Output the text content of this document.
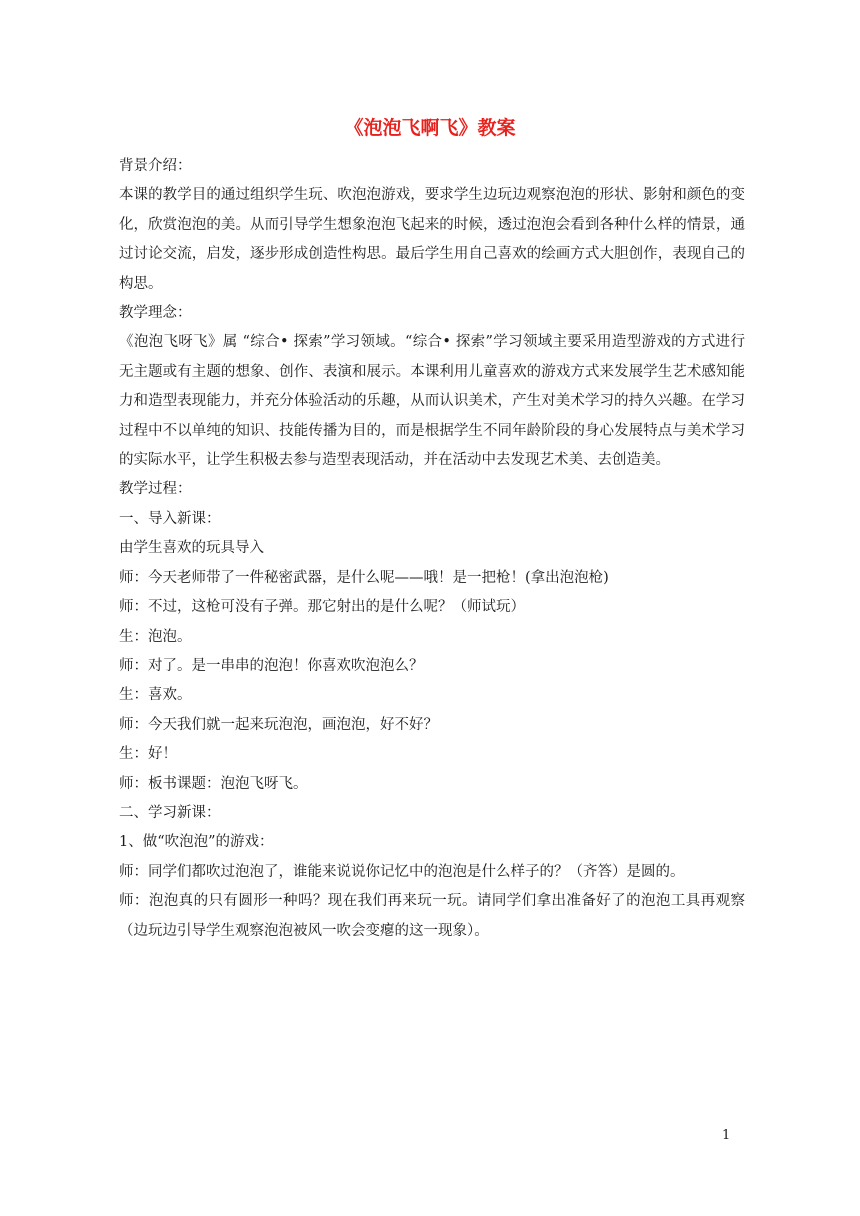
《泡泡飞啊飞》教案

背景介绍：

本课的教学目的通过组织学生玩、吹泡泡游戏，要求学生边玩边观察泡泡的形状、影射和颜色的变化，欣赏泡泡的美。从而引导学生想象泡泡飞起来的时候，透过泡泡会看到各种什么样的情景，通过讨论交流，启发，逐步形成创造性构思。最后学生用自己喜欢的绘画方式大胆创作，表现自己的构思。

教学理念：

《泡泡飞呀飞》属 “综合• 探索”学习领域。“综合• 探索”学习领域主要采用造型游戏的方式进行无主题或有主题的想象、创作、表演和展示。本课利用儿童喜欢的游戏方式来发展学生艺术感知能力和造型表现能力，并充分体验活动的乐趣，从而认识美术，产生对美术学习的持久兴趣。在学习过程中不以单纯的知识、技能传播为目的，而是根据学生不同年龄阶段的身心发展特点与美术学习的实际水平，让学生积极去参与造型表现活动，并在活动中去发现艺术美、去创造美。

教学过程：

一、导入新课：

由学生喜欢的玩具导入

师：今天老师带了一件秘密武器，是什么呢——哦！是一把枪！(拿出泡泡枪)

师：不过，这枪可没有子弹。那它射出的是什么呢？（师试玩）

生：泡泡。

师：对了。是一串串的泡泡！你喜欢吹泡泡么？

生：喜欢。

师：今天我们就一起来玩泡泡，画泡泡，好不好？

生：好！

师：板书课题：泡泡飞呀飞。

二、学习新课：

1、做“吹泡泡”的游戏：

师：同学们都吹过泡泡了，谁能来说说你记忆中的泡泡是什么样子的？（齐答）是圆的。

师：泡泡真的只有圆形一种吗？现在我们再来玩一玩。请同学们拿出准备好了的泡泡工具再观察（边玩边引导学生观察泡泡被风一吹会变瘪的这一现象）。

1
